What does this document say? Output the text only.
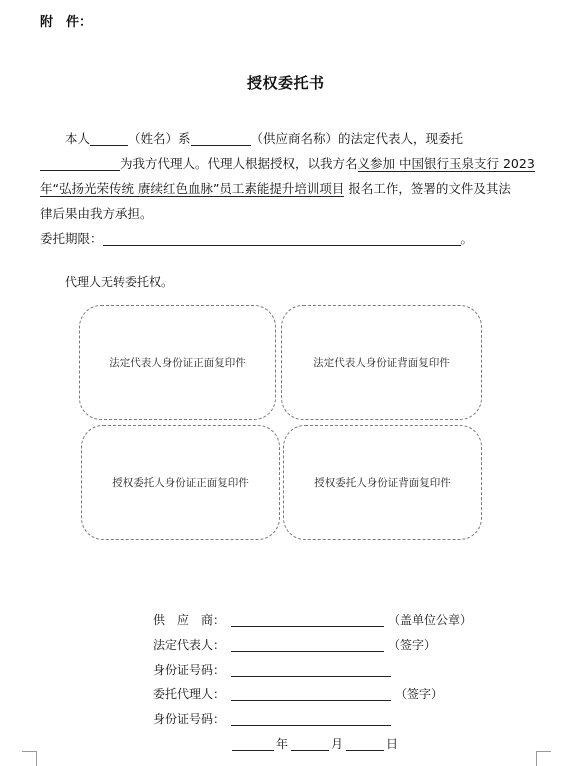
附　件：
授权委托书
本人	（姓名）系	（供应商名称）的法定代表人，现委托
为我方代理人。代理人根据授权，以我方名义参加 中国银行玉泉支行 2023
年“弘扬光荣传统 赓续红色血脉”员工素能提升培训项目 报名工作，签署的文件及其法
律后果由我方承担。
委托期限：	。
代理人无转委托权。
法定代表人身份证正面复印件	法定代表人身份证背面复印件
授权委托人身份证正面复印件	授权委托人身份证背面复印件
供　应　商：	（盖单位公章）
法定代表人：	（签字）
身份证号码：
委托代理人：	（签字）
身份证号码：
年	月	日
